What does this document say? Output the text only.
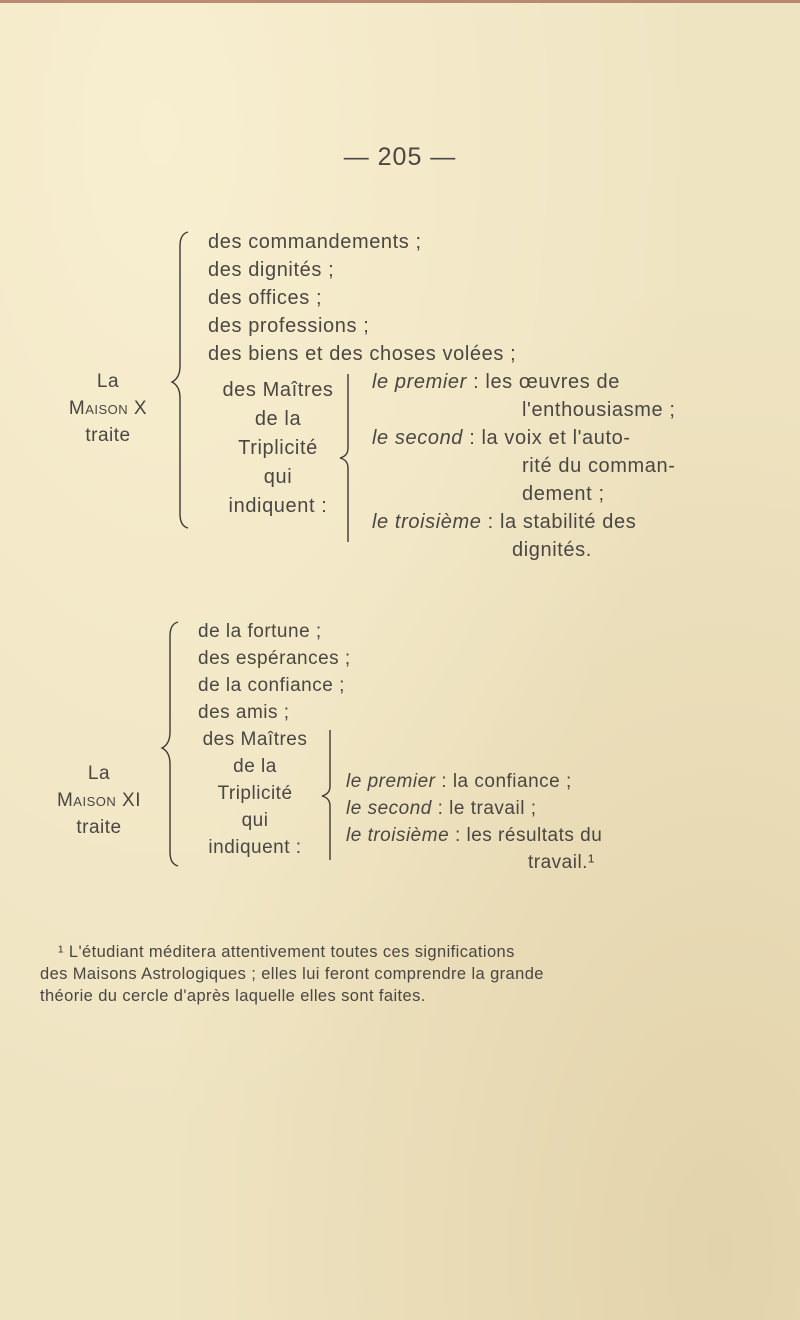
— 205 —
La
Maison X
traite
des commandements ;
des dignités ;
des offices ;
des professions ;
des biens et des choses volées ;
des Maîtres
de la
Triplicité
qui
indiquent :
le premier : les œuvres de
l'enthousiasme ;
le second : la voix et l'auto-
rité du comman-
dement ;
le troisième : la stabilité des
dignités.
La
Maison XI
traite
de la fortune ;
des espérances ;
de la confiance ;
des amis ;
des Maîtres
de la
Triplicité
qui
indiquent :
le premier : la confiance ;
le second : le travail ;
le troisième : les résultats du
travail.¹
¹ L'étudiant méditera attentivement toutes ces significations
des Maisons Astrologiques ; elles lui feront comprendre la grande
théorie du cercle d'après laquelle elles sont faites.
